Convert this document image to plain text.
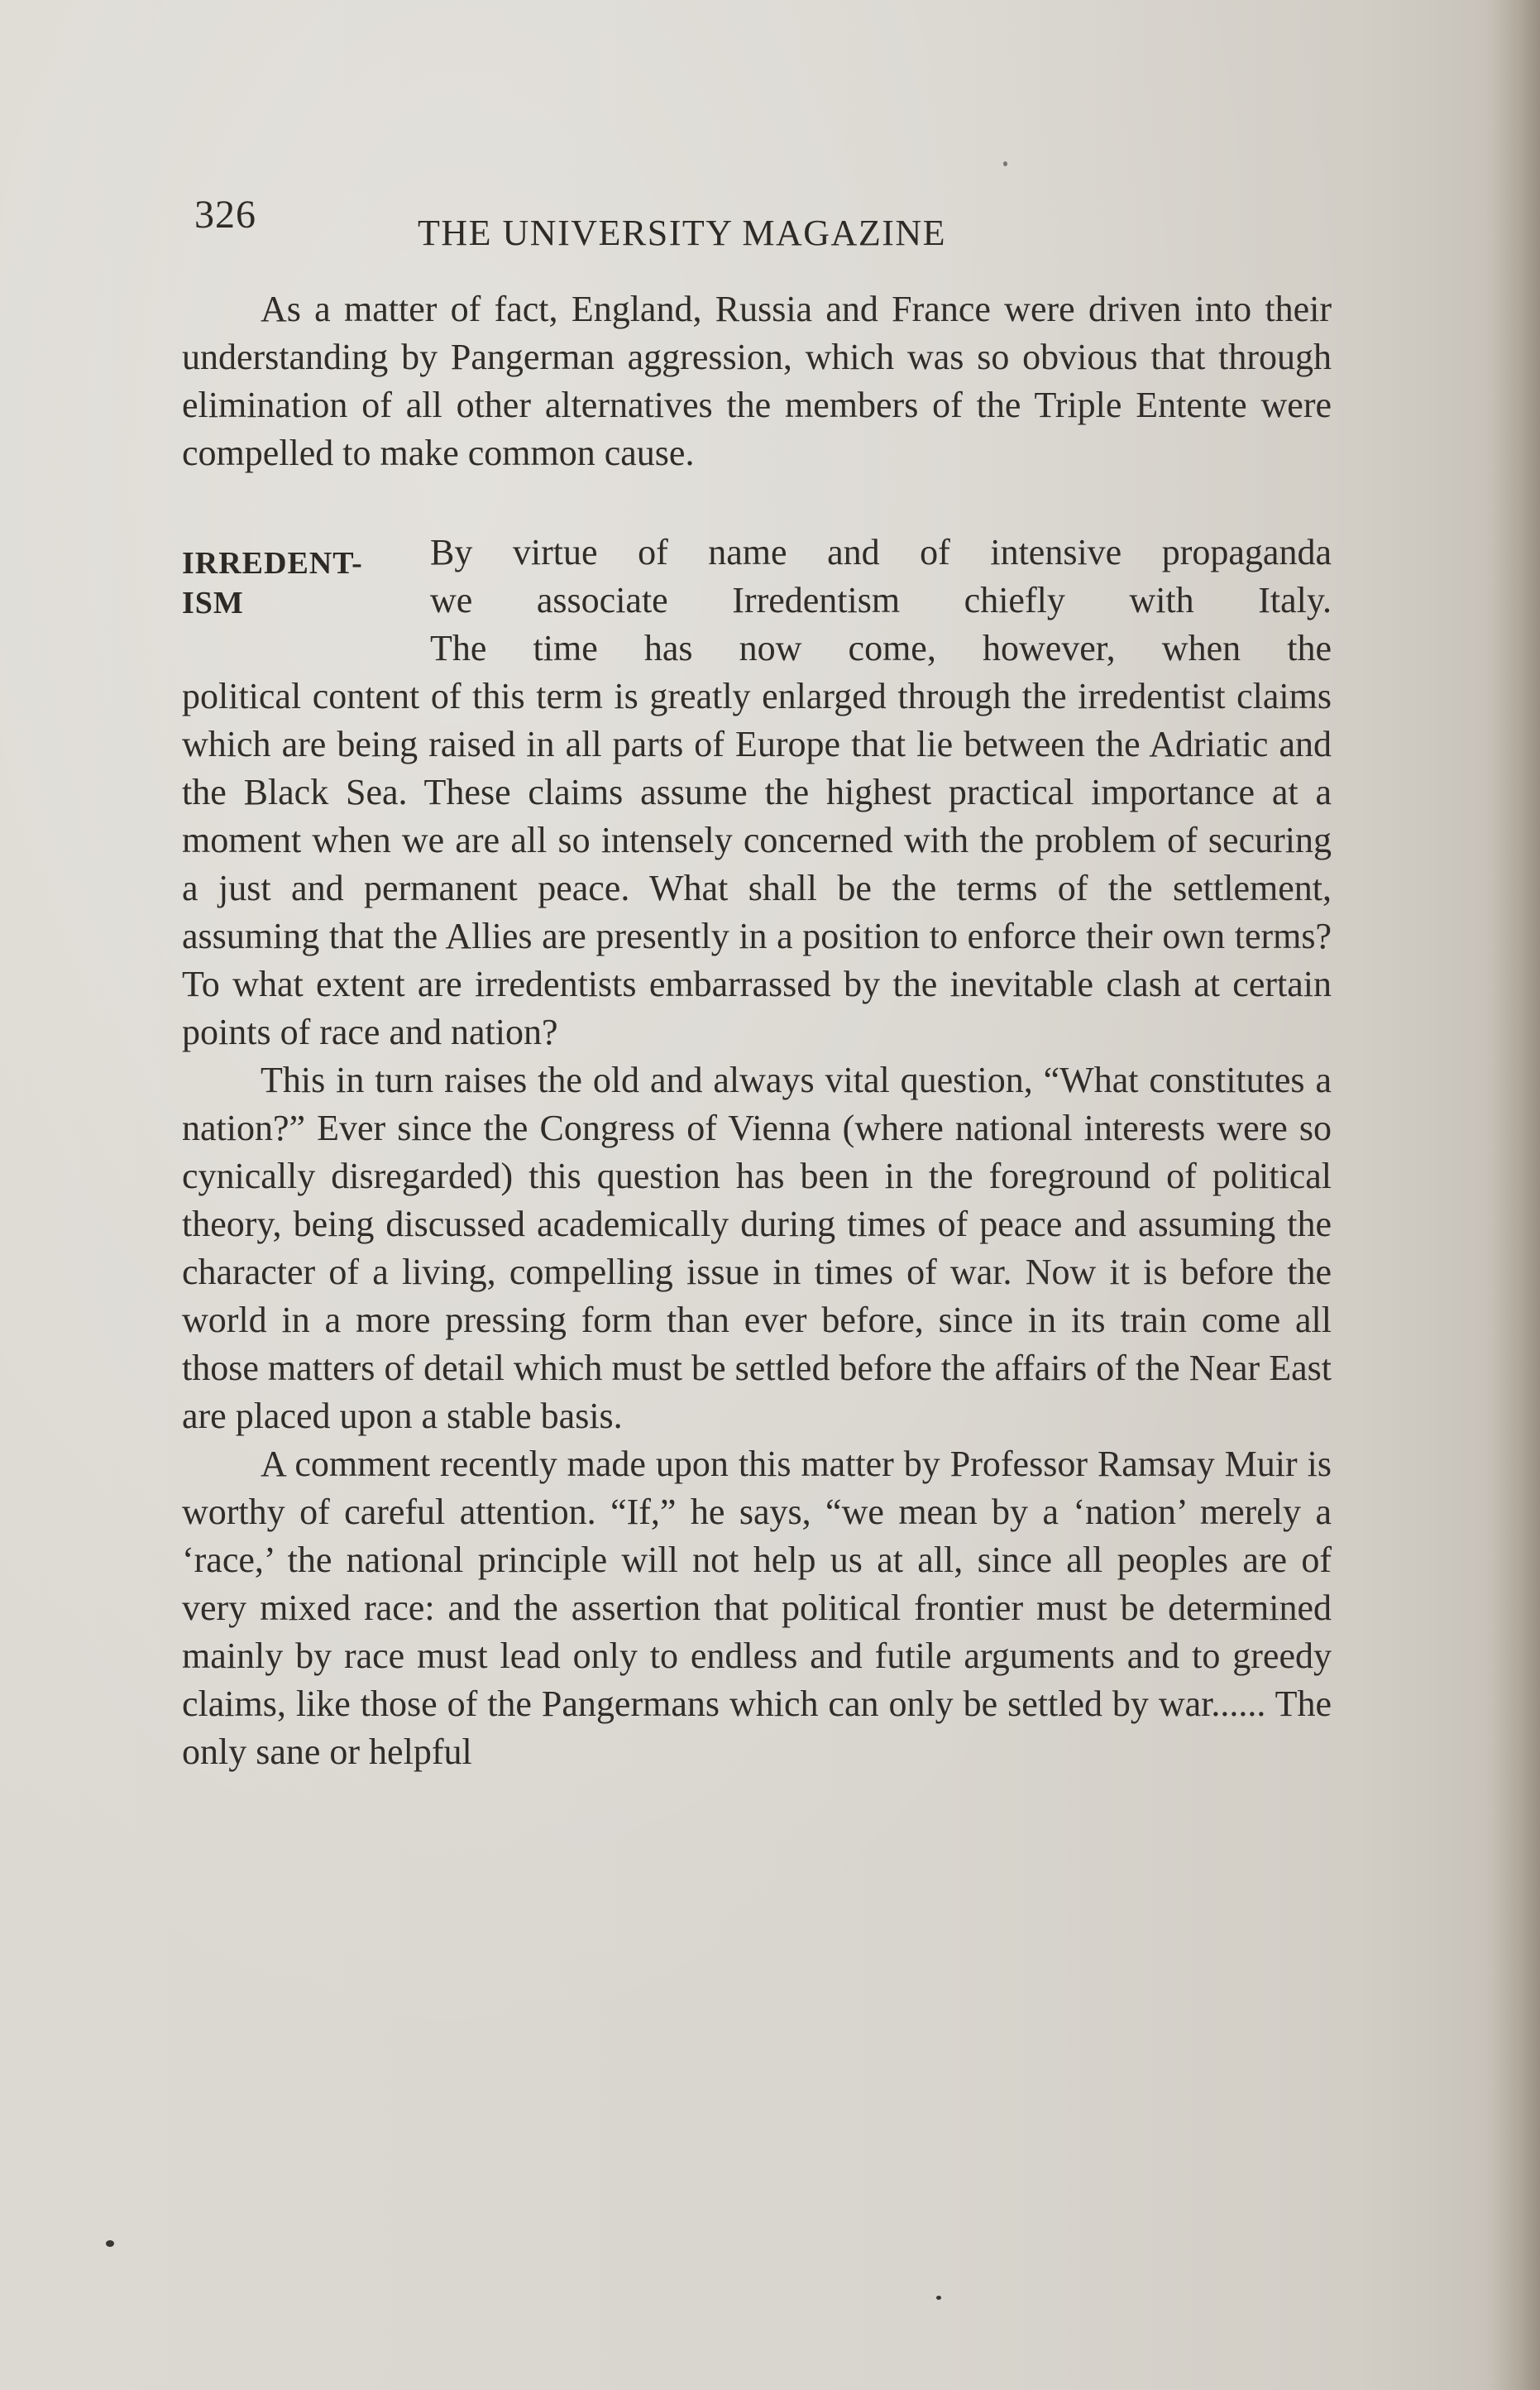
326	THE UNIVERSITY MAGAZINE

As a matter of fact, England, Russia and France were driven into their understanding by Pangerman aggression, which was so obvious that through elimination of all other alternatives the members of the Triple Entente were compelled to make common cause.

IRREDENT-
ISM

By virtue of name and of intensive propaganda
we associate Irredentism chiefly with Italy.
The time has now come, however, when the
political content of this term is greatly enlarged through the irredentist claims which are being raised in all parts of Europe that lie between the Adriatic and the Black Sea. These claims assume the highest practical importance at a moment when we are all so intensely concerned with the problem of securing a just and permanent peace. What shall be the terms of the settlement, assuming that the Allies are presently in a position to enforce their own terms? To what extent are irredentists embarrassed by the inevitable clash at certain points of race and nation?

This in turn raises the old and always vital question, “What constitutes a nation?” Ever since the Congress of Vienna (where national interests were so cynically disregarded) this question has been in the foreground of political theory, being discussed academically during times of peace and assuming the character of a living, compelling issue in times of war. Now it is before the world in a more pressing form than ever before, since in its train come all those matters of detail which must be settled before the affairs of the Near East are placed upon a stable basis.

A comment recently made upon this matter by Professor Ramsay Muir is worthy of careful attention. “If,” he says, “we mean by a ‘nation’ merely a ‘race,’ the national principle will not help us at all, since all peoples are of very mixed race: and the assertion that political frontier must be determined mainly by race must lead only to endless and futile arguments and to greedy claims, like those of the Pangermans which can only be settled by war...... The only sane or helpful
